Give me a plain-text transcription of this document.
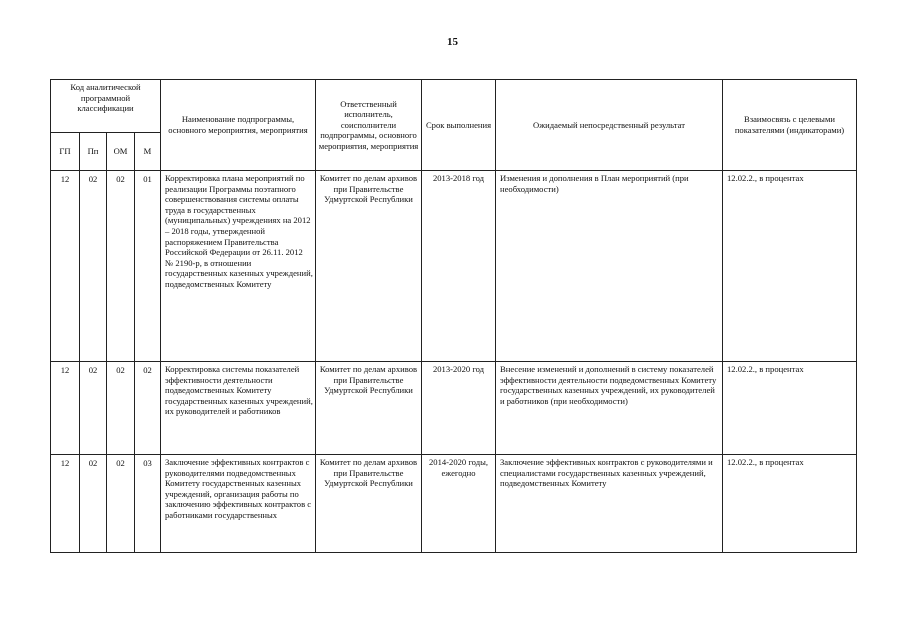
15
Код аналитической программной классификации				Наименование подпрограммы, основного мероприятия, мероприятия	Ответственный исполнитель, соисполнители подпрограммы, основного мероприятия, мероприятия	Срок выполнения	Ожидаемый непосредственный результат	Взаимосвязь с целевыми показателями (индикаторами)
ГП	Пп	ОМ	М					
12	02	02	01	Корректировка плана мероприятий по реализации Программы поэтапного совершенствования системы оплаты труда в государственных (муниципальных) учреждениях на 2012 – 2018 годы, утвержденной распоряжением Правительства Российской Федерации от 26.11. 2012 № 2190-р, в отношении государственных казенных учреждений, подведомственных Комитету	Комитет по делам архивов при Правительстве Удмуртской Республики	2013-2018 год	Изменения и дополнения в План мероприятий (при необходимости)	12.02.2., в процентах
12	02	02	02	Корректировка системы показателей эффективности деятельности подведомственных Комитету государственных казенных учреждений, их руководителей и работников	Комитет по делам архивов при Правительстве Удмуртской Республики	2013-2020 год	Внесение изменений и дополнений в систему показателей эффективности деятельности подведомственных Комитету государственных казенных учреждений, их руководителей и работников (при необходимости)	12.02.2., в процентах
12	02	02	03	Заключение эффективных контрактов с руководителями подведомственных Комитету государственных казенных учреждений, организация работы по заключению эффективных контрактов с работниками государственных	Комитет по делам архивов при Правительстве Удмуртской Республики	2014-2020 годы, ежегодно	Заключение эффективных контрактов с руководителями и специалистами государственных казенных учреждений, подведомственных Комитету	12.02.2., в процентах
